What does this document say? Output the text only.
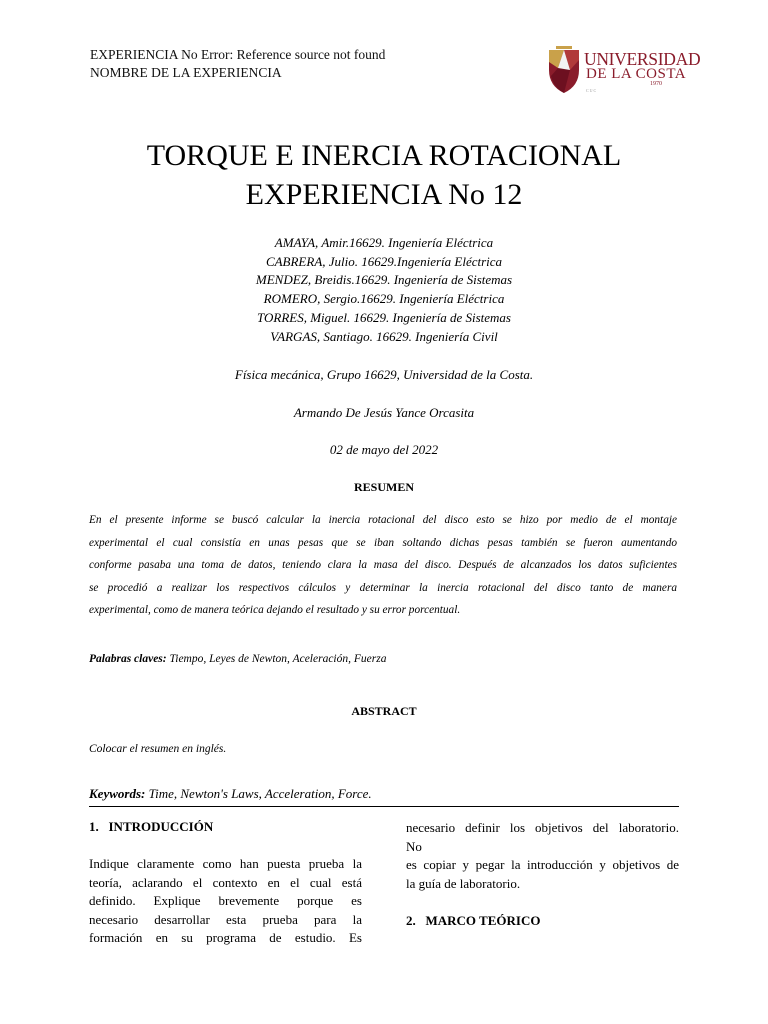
EXPERIENCIA No Error: Reference source not found
NOMBRE DE LA EXPERIENCIA
UNIVERSIDAD
DE LA COSTA
1970
CUC
TORQUE E INERCIA ROTACIONAL
EXPERIENCIA No 12
AMAYA, Amir.16629. Ingeniería Eléctrica
CABRERA, Julio. 16629.Ingeniería Eléctrica
MENDEZ, Breidis.16629. Ingeniería de Sistemas
ROMERO, Sergio.16629. Ingeniería Eléctrica
TORRES, Miguel. 16629. Ingeniería de Sistemas
VARGAS, Santiago. 16629. Ingeniería Civil
Física mecánica, Grupo 16629, Universidad de la Costa.
Armando De Jesús Yance Orcasita
02 de mayo del 2022
RESUMEN
En el presente informe se buscó calcular la inercia rotacional del disco esto se hizo por medio de el montaje
experimental el cual consistía en unas pesas que se iban soltando dichas pesas también se fueron aumentando
conforme pasaba una toma de datos, teniendo clara la masa del disco. Después de alcanzados los datos suficientes
se procedió a realizar los respectivos cálculos y determinar la inercia rotacional del disco tanto de manera
experimental, como de manera teórica dejando el resultado y su error porcentual.
Palabras claves: Tiempo, Leyes de Newton, Aceleración, Fuerza
ABSTRACT
Colocar el resumen en inglés.
Keywords: Time, Newton's Laws, Acceleration, Force.
1.   INTRODUCCIÓN
Indique claramente como han puesta prueba la
teoría, aclarando el contexto en el cual está
definido. Explique brevemente porque es
necesario desarrollar esta prueba para la
formación en su programa de estudio. Es
necesario definir los objetivos del laboratorio.
No
es copiar y pegar la introducción y objetivos de
la guía de laboratorio.
2.   MARCO TEÓRICO
